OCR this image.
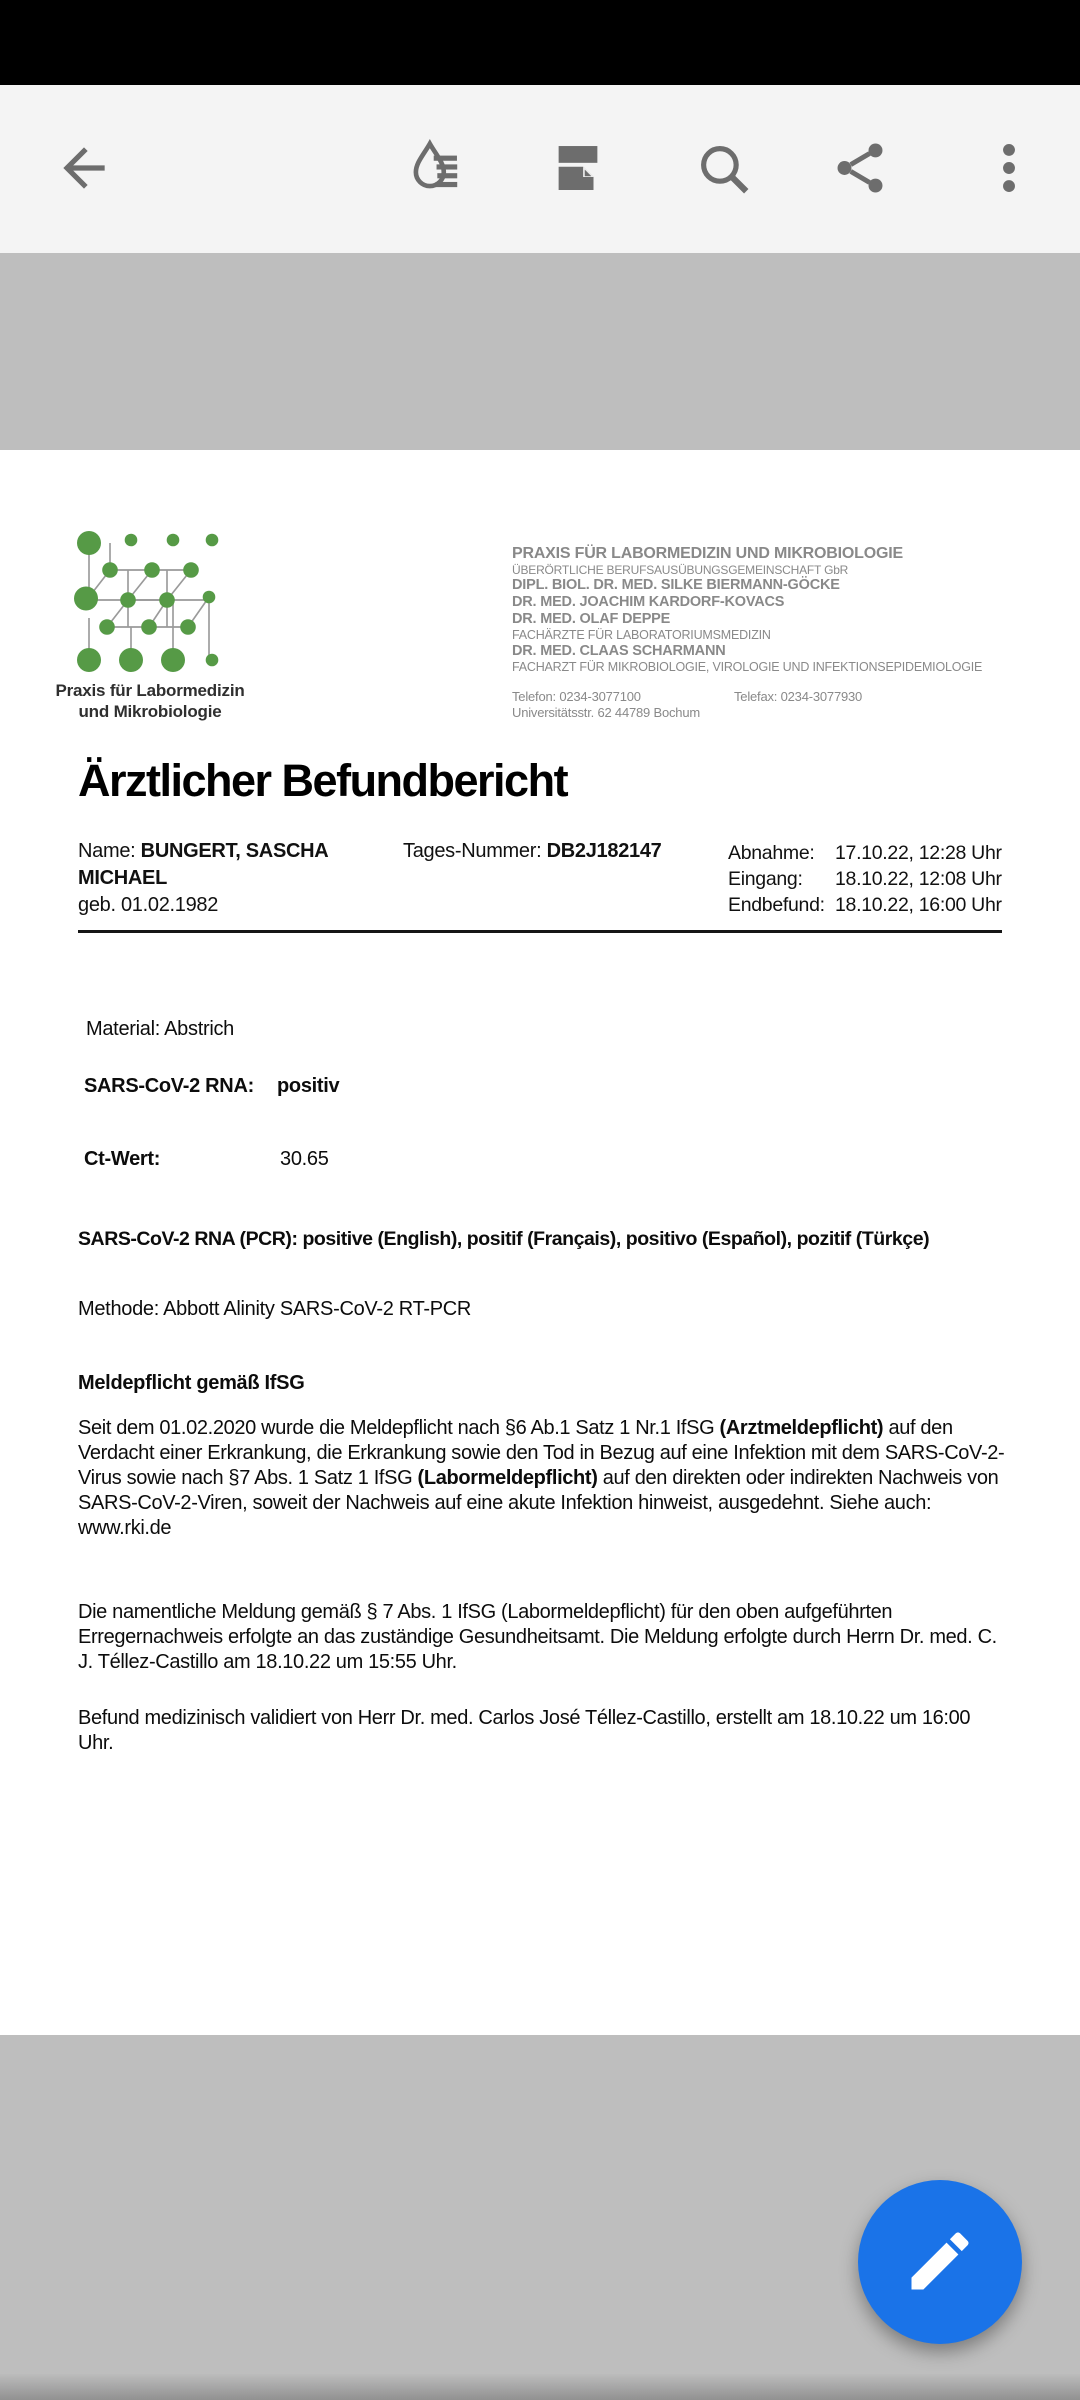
Praxis für Labormedizin
und Mikrobiologie
PRAXIS FÜR LABORMEDIZIN UND MIKROBIOLOGIE
ÜBERÖRTLICHE BERUFSAUSÜBUNGSGEMEINSCHAFT GbR
DIPL. BIOL. DR. MED. SILKE BIERMANN-GÖCKE
DR. MED. JOACHIM KARDORF-KOVACS
DR. MED. OLAF DEPPE
FACHÄRZTE FÜR LABORATORIUMSMEDIZIN
DR. MED. CLAAS SCHARMANN
FACHARZT FÜR MIKROBIOLOGIE, VIROLOGIE UND INFEKTIONSEPIDEMIOLOGIE
Telefon: 0234-3077100	Telefax: 0234-3077930
Universitätsstr. 62 44789 Bochum
Ärztlicher Befundbericht
Name: BUNGERT, SASCHA MICHAEL
geb. 01.02.1982
Tages-Nummer: DB2J182147	Abnahme:	17.10.22, 12:28 Uhr
Eingang:	18.10.22, 12:08 Uhr
Endbefund: 18.10.22, 16:00 Uhr
Material: Abstrich
SARS-CoV-2 RNA: positiv
Ct-Wert:	30.65
SARS-CoV-2 RNA (PCR): positive (English), positif (Français), positivo (Español), pozitif (Türkçe)
Methode: Abbott Alinity SARS-CoV-2 RT-PCR
Meldepflicht gemäß IfSG
Seit dem 01.02.2020 wurde die Meldepflicht nach §6 Ab.1 Satz 1 Nr.1 IfSG (Arztmeldepflicht) auf den Verdacht einer Erkrankung, die Erkrankung sowie den Tod in Bezug auf eine Infektion mit dem SARS-CoV-2-Virus sowie nach §7 Abs. 1 Satz 1 IfSG (Labormeldepflicht) auf den direkten oder indirekten Nachweis von SARS-CoV-2-Viren, soweit der Nachweis auf eine akute Infektion hinweist, ausgedehnt. Siehe auch: www.rki.de
Die namentliche Meldung gemäß § 7 Abs. 1 IfSG (Labormeldepflicht) für den oben aufgeführten Erregernachweis erfolgte an das zuständige Gesundheitsamt. Die Meldung erfolgte durch Herrn Dr. med. C. J. Téllez-Castillo am 18.10.22 um 15:55 Uhr.
Befund medizinisch validiert von Herr Dr. med. Carlos José Téllez-Castillo, erstellt am 18.10.22 um 16:00 Uhr.
